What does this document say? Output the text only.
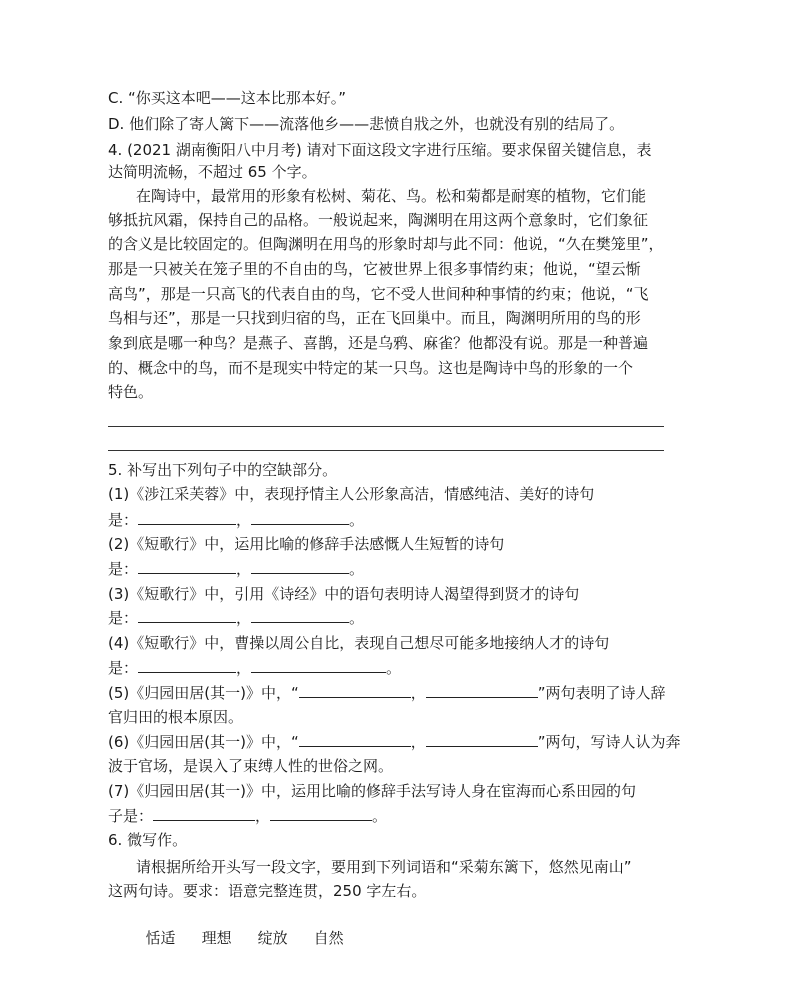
C. “你买这本吧——这本比那本好。”
D. 他们除了寄人篱下——流落他乡——悲愤自戕之外，也就没有别的结局了。
4. (2021 湖南衡阳八中月考) 请对下面这段文字进行压缩。要求保留关键信息，表
达简明流畅，不超过 65 个字。
在陶诗中，最常用的形象有松树、菊花、鸟。松和菊都是耐寒的植物，它们能
够抵抗风霜，保持自己的品格。一般说起来，陶渊明在用这两个意象时，它们象征
的含义是比较固定的。但陶渊明在用鸟的形象时却与此不同：他说，“久在樊笼里”，
那是一只被关在笼子里的不自由的鸟，它被世界上很多事情约束；他说，“望云惭
高鸟”，那是一只高飞的代表自由的鸟，它不受人世间种种事情的约束；他说，“飞
鸟相与还”，那是一只找到归宿的鸟，正在飞回巢中。而且，陶渊明所用的鸟的形
象到底是哪一种鸟？是燕子、喜鹊，还是乌鸦、麻雀？他都没有说。那是一种普遍
的、概念中的鸟，而不是现实中特定的某一只鸟。这也是陶诗中鸟的形象的一个
特色。
5. 补写出下列句子中的空缺部分。
(1)《涉江采芙蓉》中，表现抒情主人公形象高洁，情感纯洁、美好的诗句
是：	，	。
(2)《短歌行》中，运用比喻的修辞手法感慨人生短暂的诗句
是：	，	。
(3)《短歌行》中，引用《诗经》中的语句表明诗人渴望得到贤才的诗句
是：	，	。
(4)《短歌行》中，曹操以周公自比，表现自己想尽可能多地接纳人才的诗句
是：	，	。
(5)《归园田居(其一)》中，“	，	”两句表明了诗人辞
官归田的根本原因。
(6)《归园田居(其一)》中，“	，	”两句，写诗人认为奔
波于官场，是误入了束缚人性的世俗之网。
(7)《归园田居(其一)》中，运用比喻的修辞手法写诗人身在宦海而心系田园的句
子是：	，	。
6. 微写作。
请根据所给开头写一段文字，要用到下列词语和“采菊东篱下，悠然见南山”
这两句诗。要求：语意完整连贯，250 字左右。

恬适 理想 绽放 自然
